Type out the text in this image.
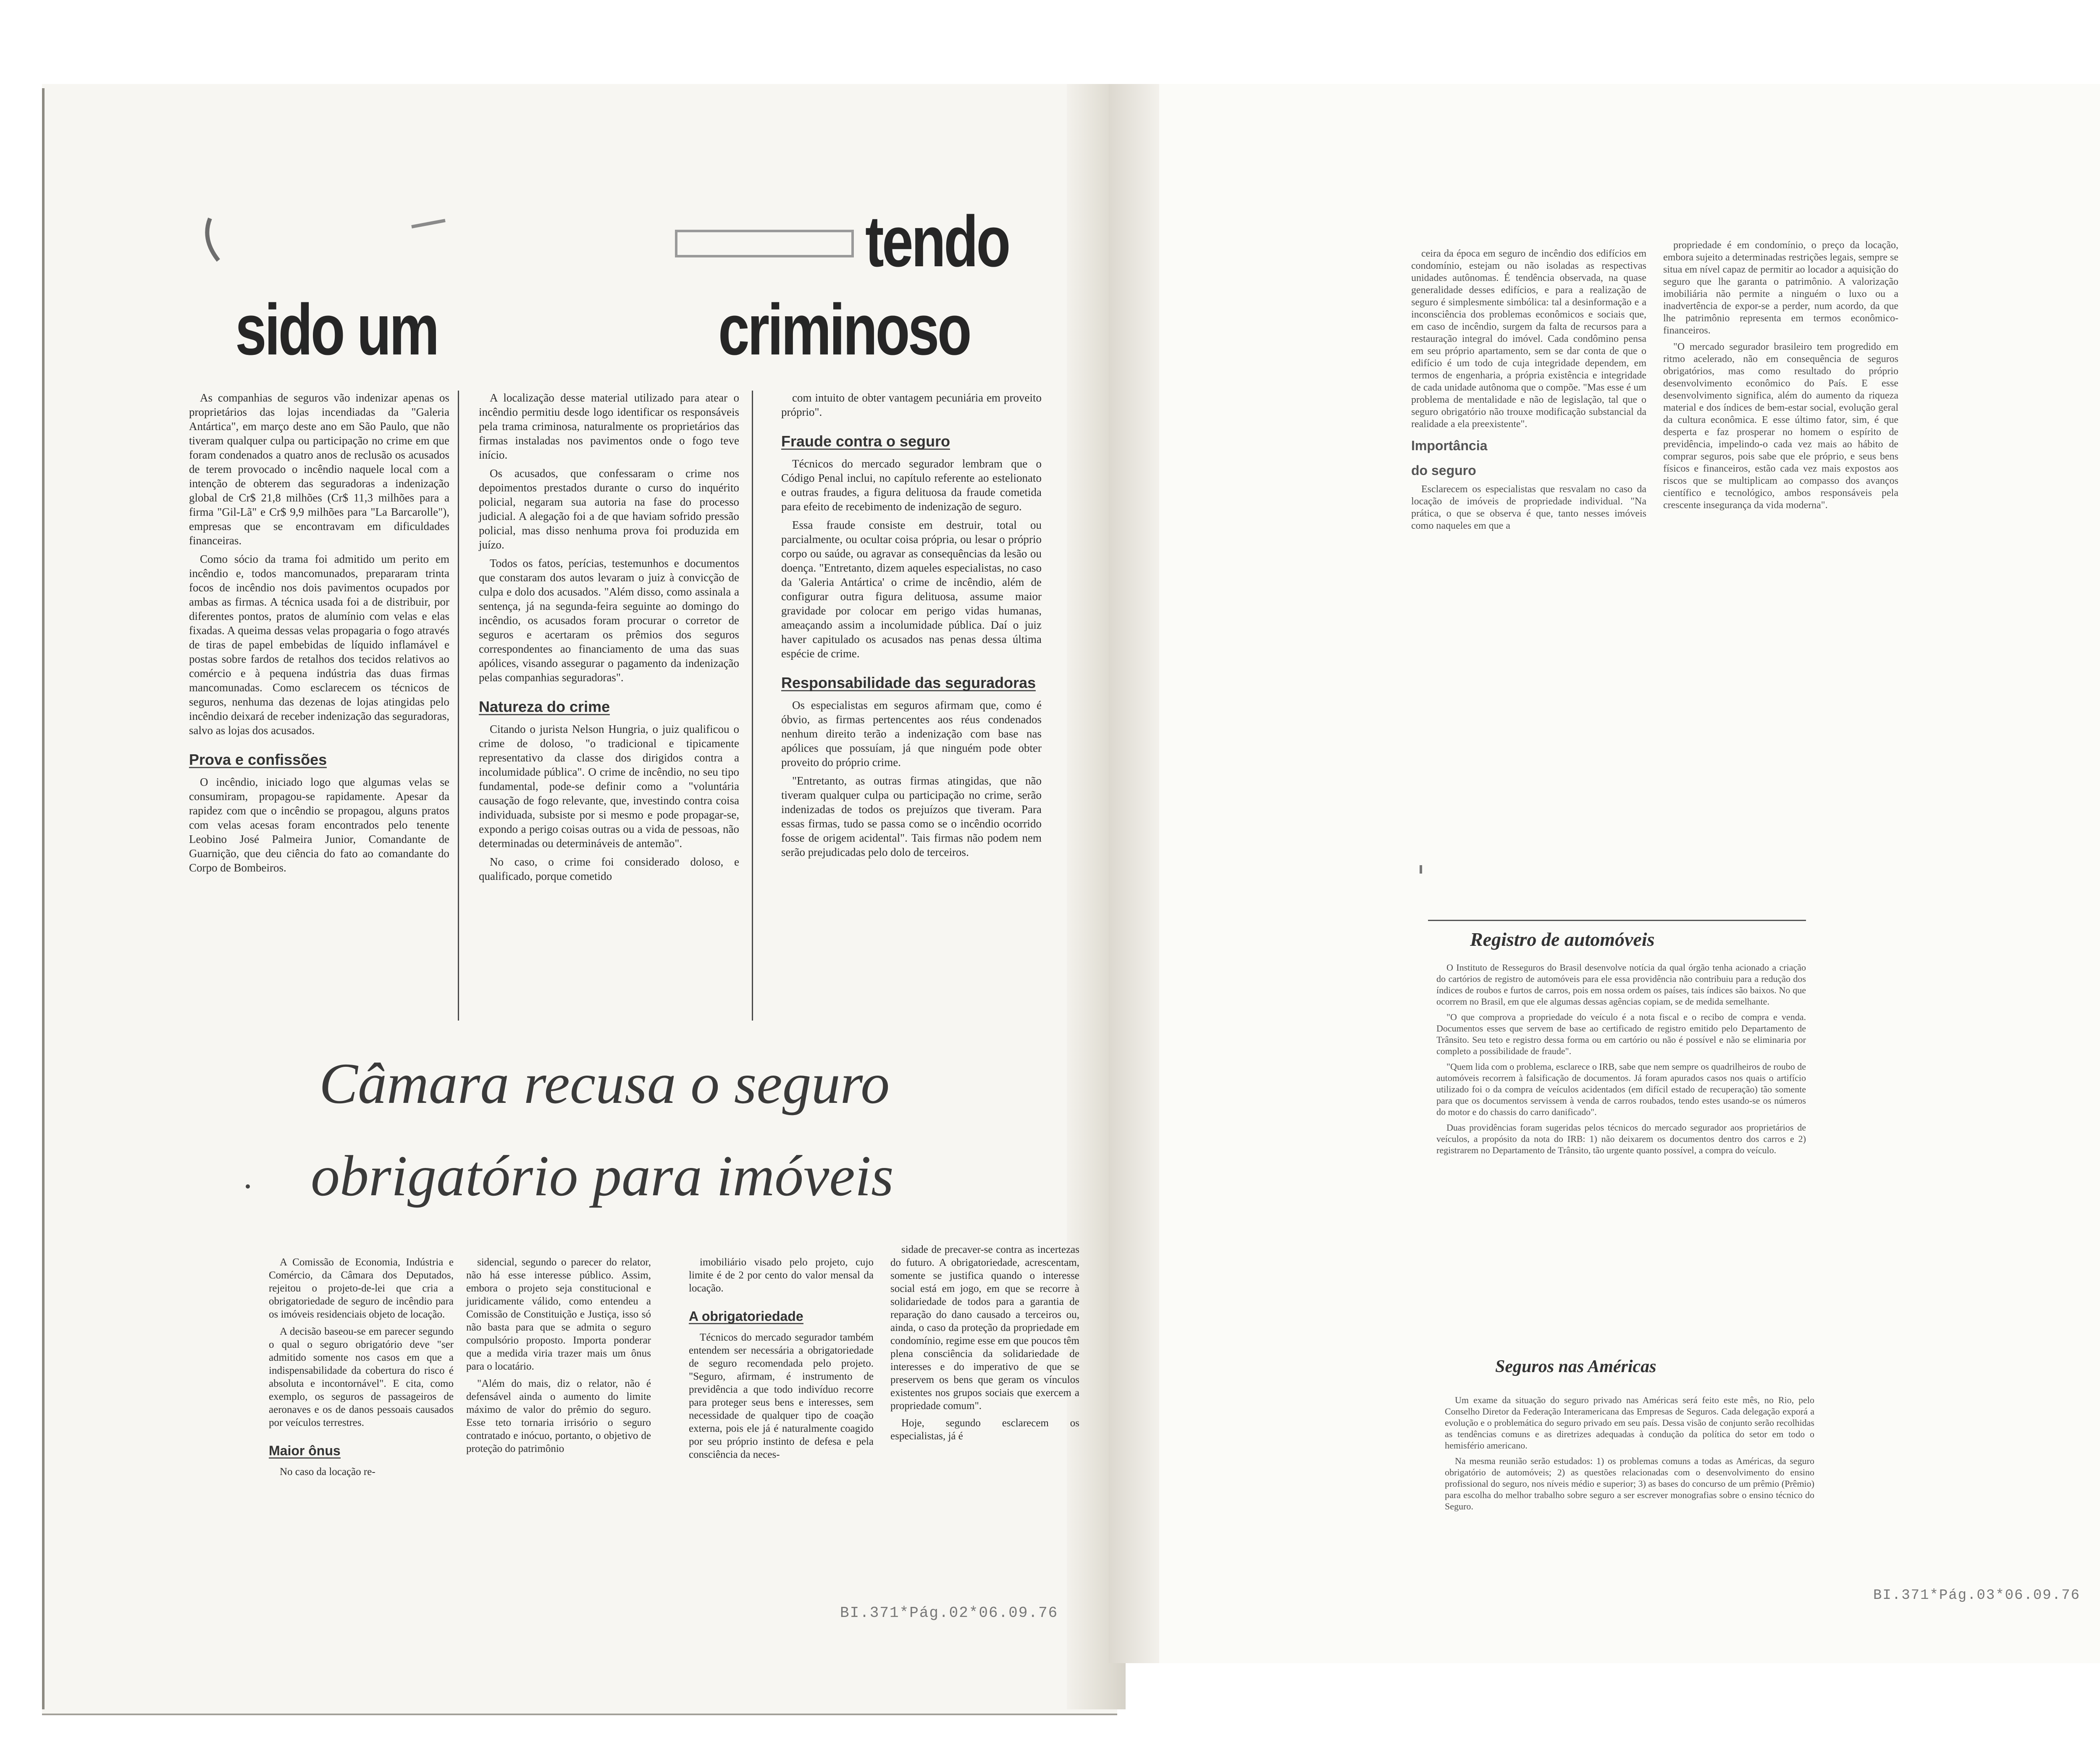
tendo
sido um	criminoso

As companhias de seguros vão indenizar apenas os proprietários das lojas incendiadas da "Galeria Antártica", em março deste ano em São Paulo, que não tiveram qualquer culpa ou participação no crime em que foram condenados a quatro anos de reclusão os acusados de terem provocado o incêndio naquele local com a intenção de obterem das seguradoras a indenização global de Cr$ 21,8 milhões (Cr$ 11,3 milhões para a firma "Gil-Lã" e Cr$ 9,9 milhões para "La Barcarolle"), empresas que se encontravam em dificuldades financeiras.

Como sócio da trama foi admitido um perito em incêndio e, todos mancomunados, prepararam trinta focos de incêndio nos dois pavimentos ocupados por ambas as firmas. A técnica usada foi a de distribuir, por diferentes pontos, pratos de alumínio com velas e elas fixadas. A queima dessas velas propagaria o fogo através de tiras de papel embebidas de líquido inflamável e postas sobre fardos de retalhos dos tecidos relativos ao comércio e à pequena indústria das duas firmas mancomunadas. Como esclarecem os técnicos de seguros, nenhuma das dezenas de lojas atingidas pelo incêndio deixará de receber indenização das seguradoras, salvo as lojas dos acusados.

Prova e confissões

O incêndio, iniciado logo que algumas velas se consumiram, propagou-se rapidamente. Apesar da rapidez com que o incêndio se propagou, alguns pratos com velas acesas foram encontrados pelo tenente Leobino José Palmeira Junior, Comandante de Guarnição, que deu ciência do fato ao comandante do Corpo de Bombeiros.

A localização desse material utilizado para atear o incêndio permitiu desde logo identificar os responsáveis pela trama criminosa, naturalmente os proprietários das firmas instaladas nos pavimentos onde o fogo teve início.

Os acusados, que confessaram o crime nos depoimentos prestados durante o curso do inquérito policial, negaram sua autoria na fase do processo judicial. A alegação foi a de que haviam sofrido pressão policial, mas disso nenhuma prova foi produzida em juízo.

Todos os fatos, perícias, testemunhos e documentos que constaram dos autos levaram o juiz à convicção de culpa e dolo dos acusados. "Além disso, como assinala a sentença, já na segunda-feira seguinte ao domingo do incêndio, os acusados foram procurar o corretor de seguros e acertaram os prêmios dos seguros correspondentes ao financiamento de uma das suas apólices, visando assegurar o pagamento da indenização pelas companhias seguradoras".

Natureza do crime

Citando o jurista Nelson Hungria, o juiz qualificou o crime de doloso, "o tradicional e tipicamente representativo da classe dos dirigidos contra a incolumidade pública". O crime de incêndio, no seu tipo fundamental, pode-se definir como a "voluntária causação de fogo relevante, que, investindo contra coisa individuada, subsiste por si mesmo e pode propagar-se, expondo a perigo coisas outras ou a vida de pessoas, não determinadas ou determináveis de antemão".

No caso, o crime foi considerado doloso, e qualificado, porque cometido

com intuito de obter vantagem pecuniária em proveito próprio".

Fraude contra o seguro

Técnicos do mercado segurador lembram que o Código Penal inclui, no capítulo referente ao estelionato e outras fraudes, a figura delituosa da fraude cometida para efeito de recebimento de indenização de seguro.

Essa fraude consiste em destruir, total ou parcialmente, ou ocultar coisa própria, ou lesar o próprio corpo ou saúde, ou agravar as consequências da lesão ou doença. "Entretanto, dizem aqueles especialistas, no caso da 'Galeria Antártica' o crime de incêndio, além de configurar outra figura delituosa, assume maior gravidade por colocar em perigo vidas humanas, ameaçando assim a incolumidade pública. Daí o juiz haver capitulado os acusados nas penas dessa última espécie de crime.

Responsabilidade das seguradoras

Os especialistas em seguros afirmam que, como é óbvio, as firmas pertencentes aos réus condenados nenhum direito terão a indenização com base nas apólices que possuíam, já que ninguém pode obter proveito do próprio crime.

"Entretanto, as outras firmas atingidas, que não tiveram qualquer culpa ou participação no crime, serão indenizadas de todos os prejuízos que tiveram. Para essas firmas, tudo se passa como se o incêndio ocorrido fosse de origem acidental". Tais firmas não podem nem serão prejudicadas pelo dolo de terceiros.

Câmara recusa o seguro
obrigatório para imóveis

A Comissão de Economia, Indústria e Comércio, da Câmara dos Deputados, rejeitou o projeto-de-lei que cria a obrigatoriedade de seguro de incêndio para os imóveis residenciais objeto de locação.

A decisão baseou-se em parecer segundo o qual o seguro obrigatório deve "ser admitido somente nos casos em que a indispensabilidade da cobertura do risco é absoluta e incontornável". E cita, como exemplo, os seguros de passageiros de aeronaves e os de danos pessoais causados por veículos terrestres.

Maior ônus

No caso da locação re-

sidencial, segundo o parecer do relator, não há esse interesse público. Assim, embora o projeto seja constitucional e juridicamente válido, como entendeu a Comissão de Constituição e Justiça, isso só não basta para que se admita o seguro compulsório proposto. Importa ponderar que a medida viria trazer mais um ônus para o locatário.

"Além do mais, diz o relator, não é defensável ainda o aumento do limite máximo de valor do prêmio do seguro. Esse teto tornaria irrisório o seguro contratado e inócuo, portanto, o objetivo de proteção do patrimônio

imobiliário visado pelo projeto, cujo limite é de 2 por cento do valor mensal da locação.

A obrigatoriedade

Técnicos do mercado segurador também entendem ser necessária a obrigatoriedade de seguro recomendada pelo projeto. "Seguro, afirmam, é instrumento de previdência a que todo indivíduo recorre para proteger seus bens e interesses, sem necessidade de qualquer tipo de coação externa, pois ele já é naturalmente coagido por seu próprio instinto de defesa e pela consciência da neces-

sidade de precaver-se contra as incertezas do futuro. A obrigatoriedade, acrescentam, somente se justifica quando o interesse social está em jogo, em que se recorre à solidariedade de todos para a garantia de reparação do dano causado a terceiros ou, ainda, o caso da proteção da propriedade em condomínio, regime esse em que poucos têm plena consciência da solidariedade de interesses e do imperativo de que se preservem os bens que geram os vínculos existentes nos grupos sociais que exercem a propriedade comum".

Hoje, segundo esclarecem os especialistas, já é

BI.371*Pág.02*06.09.76

ceira da época em seguro de incêndio dos edifícios em condomínio, estejam ou não isoladas as respectivas unidades autônomas. É tendência observada, na quase generalidade desses edifícios, e para a realização de seguro é simplesmente simbólica: tal a desinformação e a inconsciência dos problemas econômicos e sociais que, em caso de incêndio, surgem da falta de recursos para a restauração integral do imóvel. Cada condômino pensa em seu próprio apartamento, sem se dar conta de que o edifício é um todo de cuja integridade dependem, em termos de engenharia, a própria existência e integridade de cada unidade autônoma que o compõe. "Mas esse é um problema de mentalidade e não de legislação, tal que o seguro obrigatório não trouxe modificação substancial da realidade a ela preexistente".

Importância
do seguro

Esclarecem os especialistas que resvalam no caso da locação de imóveis de propriedade individual. "Na prática, o que se observa é que, tanto nesses imóveis como naqueles em que a

propriedade é em condomínio, o preço da locação, embora sujeito a determinadas restrições legais, sempre se situa em nível capaz de permitir ao locador a aquisição do seguro que lhe garanta o patrimônio. A valorização imobiliária não permite a ninguém o luxo ou a inadvertência de expor-se a perder, num acordo, da que lhe patrimônio representa em termos econômico-financeiros.

"O mercado segurador brasileiro tem progredido em ritmo acelerado, não em consequência de seguros obrigatórios, mas como resultado do próprio desenvolvimento econômico do País. E esse desenvolvimento significa, além do aumento da riqueza material e dos índices de bem-estar social, evolução geral da cultura econômica. E esse último fator, sim, é que desperta e faz prosperar no homem o espírito de previdência, impelindo-o cada vez mais ao hábito de comprar seguros, pois sabe que ele próprio, e seus bens físicos e financeiros, estão cada vez mais expostos aos riscos que se multiplicam ao compasso dos avanços científico e tecnológico, ambos responsáveis pela crescente insegurança da vida moderna".

Registro de automóveis

O Instituto de Resseguros do Brasil desenvolve notícia da qual órgão tenha acionado a criação do cartórios de registro de automóveis para ele essa providência não contribuiu para a redução dos índices de roubos e furtos de carros, pois em nossa ordem os países, tais índices são baixos. No que ocorrem no Brasil, em que ele algumas dessas agências copiam, se de medida semelhante.

"O que comprova a propriedade do veículo é a nota fiscal e o recibo de compra e venda. Documentos esses que servem de base ao certificado de registro emitido pelo Departamento de Trânsito. Seu teto e registro dessa forma ou em cartório ou não é possível e não se eliminaria por completo a possibilidade de fraude".

"Quem lida com o problema, esclarece o IRB, sabe que nem sempre os quadrilheiros de roubo de automóveis recorrem à falsificação de documentos. Já foram apurados casos nos quais o artifício utilizado foi o da compra de veículos acidentados (em difícil estado de recuperação) tão somente para que os documentos servissem à venda de carros roubados, tendo estes usando-se os números do motor e do chassis do carro danificado".

Duas providências foram sugeridas pelos técnicos do mercado segurador aos proprietários de veículos, a propósito da nota do IRB: 1) não deixarem os documentos dentro dos carros e 2) registrarem no Departamento de Trânsito, tão urgente quanto possível, a compra do veículo.

Seguros nas Américas

Um exame da situação do seguro privado nas Américas será feito este mês, no Rio, pelo Conselho Diretor da Federação Interamericana das Empresas de Seguros. Cada delegação exporá a evolução e o problemática do seguro privado em seu país. Dessa visão de conjunto serão recolhidas as tendências comuns e as diretrizes adequadas à condução da política do setor em todo o hemisfério americano.

Na mesma reunião serão estudados: 1) os problemas comuns a todas as Américas, da seguro obrigatório de automóveis; 2) as questões relacionadas com o desenvolvimento do ensino profissional do seguro, nos níveis médio e superior; 3) as bases do concurso de um prêmio (Prêmio) para escolha do melhor trabalho sobre seguro a ser escrever monografias sobre o ensino técnico do Seguro.

BI.371*Pág.03*06.09.76
